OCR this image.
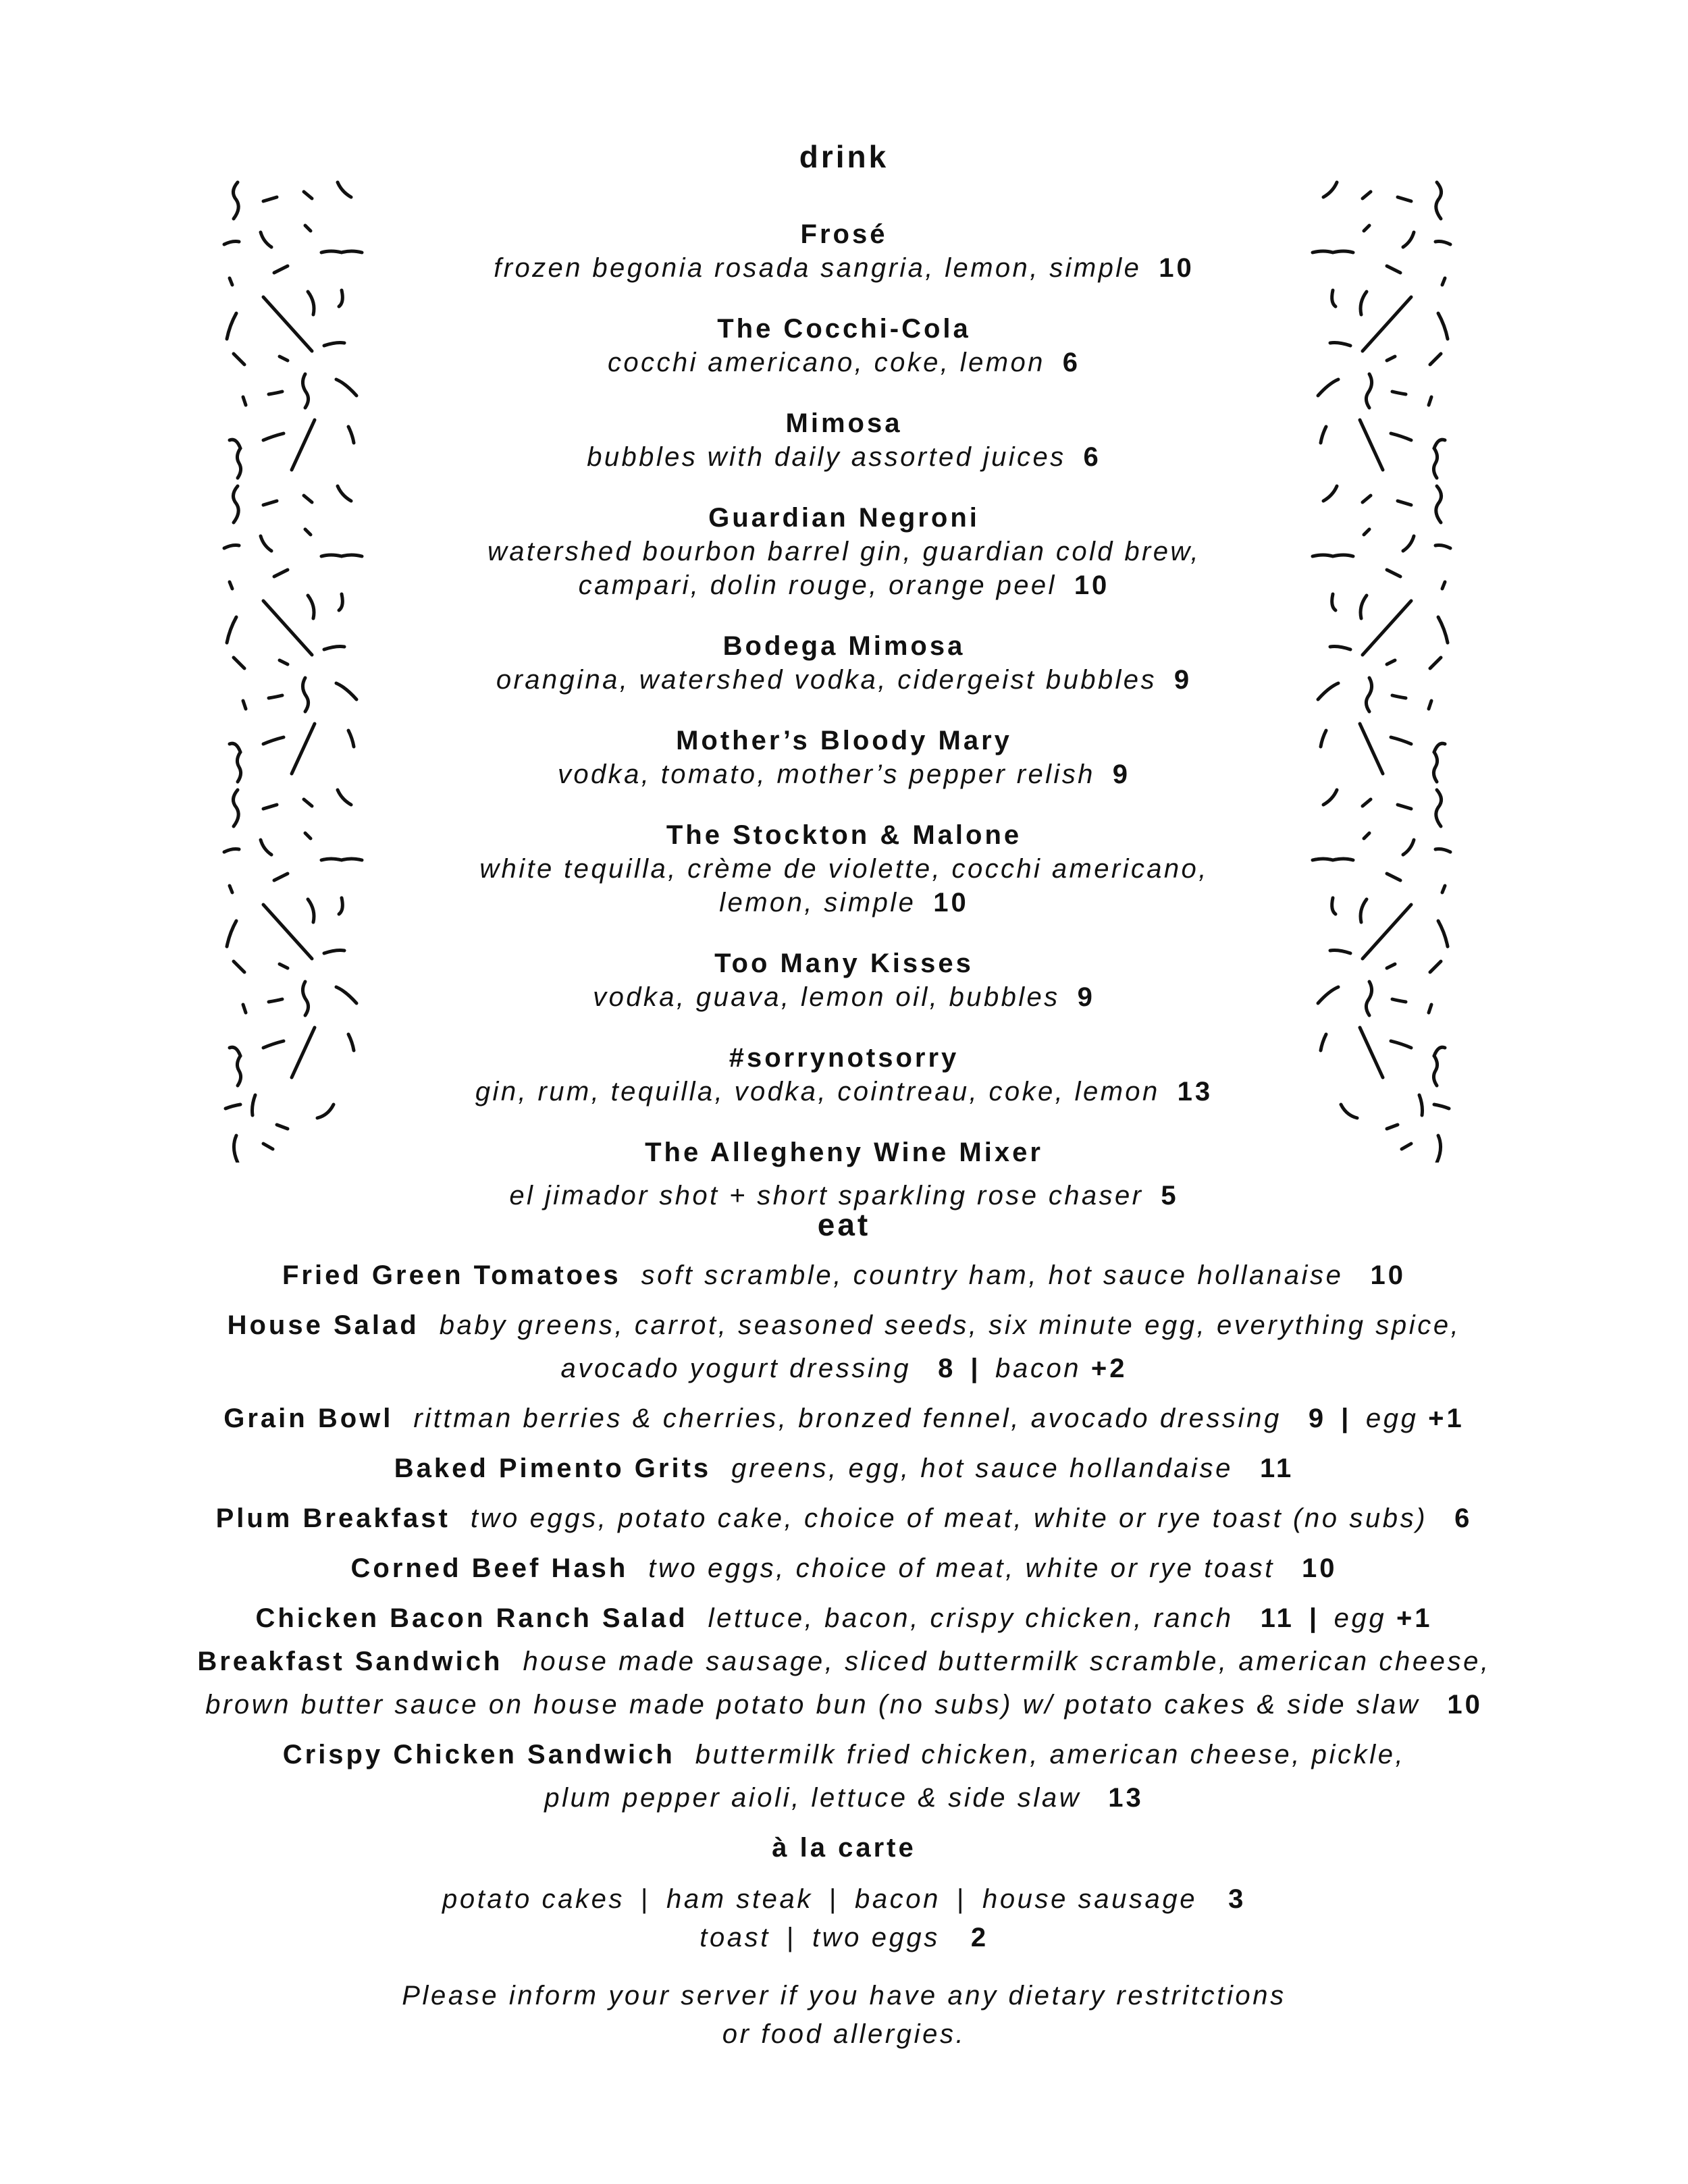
drink
Frosé
frozen begonia rosada sangria, lemon, simple 10
The Cocchi-Cola
cocchi americano, coke, lemon 6
Mimosa
bubbles with daily assorted juices 6
Guardian Negroni
watershed bourbon barrel gin, guardian cold brew,
campari, dolin rouge, orange peel 10
Bodega Mimosa
orangina, watershed vodka, cidergeist bubbles 9
Mother’s Bloody Mary
vodka, tomato, mother’s pepper relish 9
The Stockton & Malone
white tequilla, crème de violette, cocchi americano,
lemon, simple 10
Too Many Kisses
vodka, guava, lemon oil, bubbles 9
#sorrynotsorry
gin, rum, tequilla, vodka, cointreau, coke, lemon 13
The Allegheny Wine Mixer
el jimador shot + short sparkling rose chaser 5
eat
Fried Green Tomatoes soft scramble, country ham, hot sauce hollanaise 10
House Salad baby greens, carrot, seasoned seeds, six minute egg, everything spice,
avocado yogurt dressing 8 | bacon +2
Grain Bowl rittman berries & cherries, bronzed fennel, avocado dressing 9 | egg +1
Baked Pimento Grits greens, egg, hot sauce hollandaise 11
Plum Breakfast two eggs, potato cake, choice of meat, white or rye toast (no subs) 6
Corned Beef Hash two eggs, choice of meat, white or rye toast 10
Chicken Bacon Ranch Salad lettuce, bacon, crispy chicken, ranch 11 | egg +1
Breakfast Sandwich house made sausage, sliced buttermilk scramble, american cheese,
brown butter sauce on house made potato bun (no subs) w/ potato cakes & side slaw 10
Crispy Chicken Sandwich buttermilk fried chicken, american cheese, pickle,
plum pepper aioli, lettuce & side slaw 13
à la carte
potato cakes | ham steak | bacon | house sausage 3
toast | two eggs 2
Please inform your server if you have any dietary restritctions
or food allergies.
